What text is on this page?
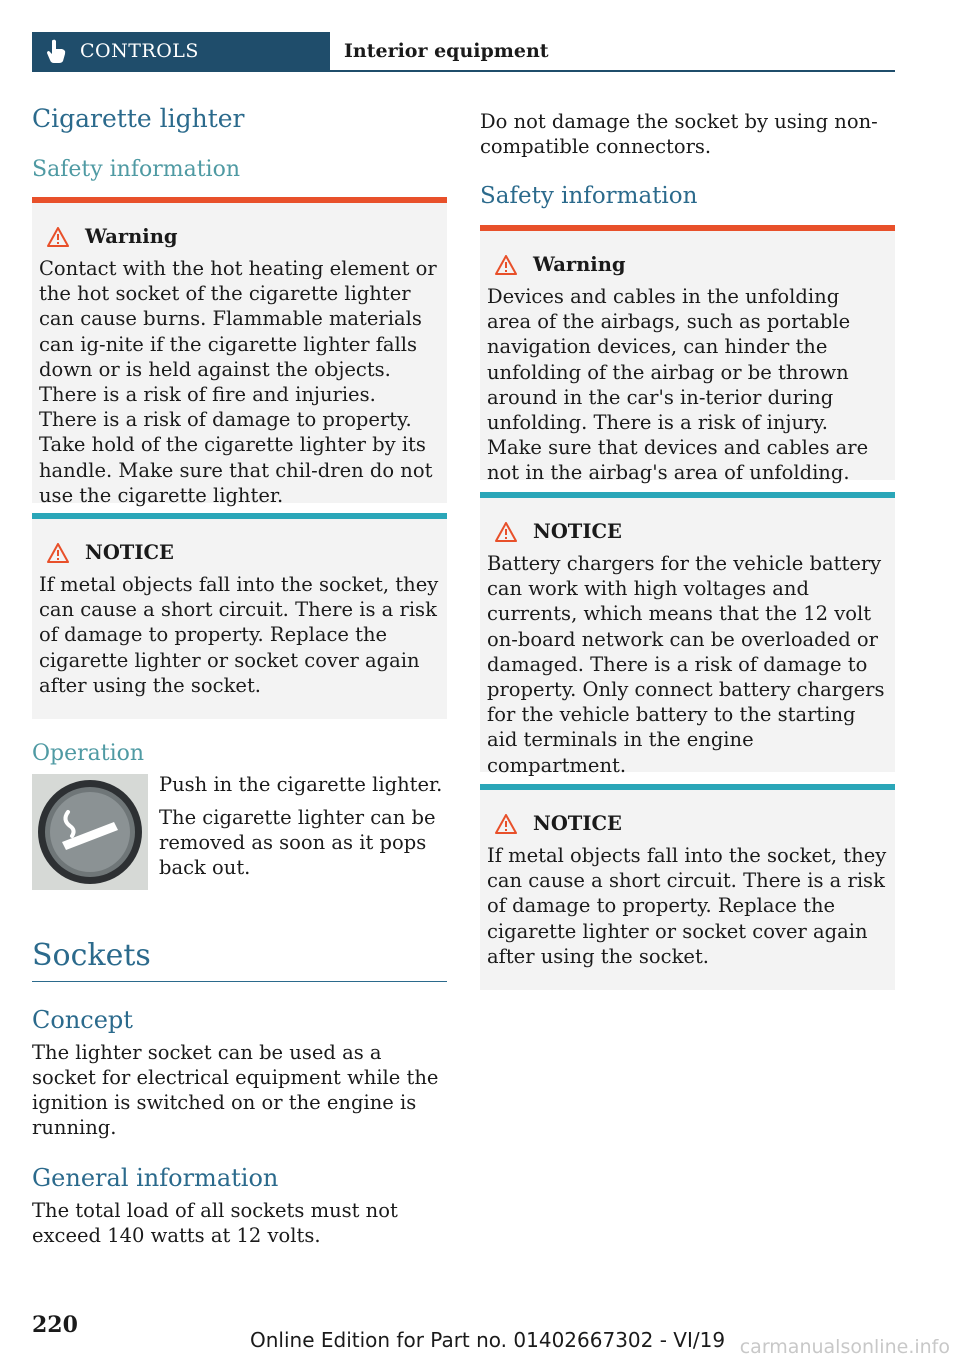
CONTROLS	Interior equipment
Cigarette lighter
Safety information
Warning

Contact with the hot heating element or the hot socket of the cigarette lighter can cause burns. Flammable materials can ig-nite if the cigarette lighter falls down or is held against the objects. There is a risk of fire and injuries. There is a risk of damage to property. Take hold of the cigarette lighter by its handle. Make sure that chil-dren do not use the cigarette lighter.

NOTICE

If metal objects fall into the socket, they can cause a short circuit. There is a risk of damage to property. Replace the cigarette lighter or socket cover again after using the socket.

Operation

Push in the cigarette lighter.

The cigarette lighter can be removed as soon as it pops back out.

Sockets
Concept

The lighter socket can be used as a socket for electrical equipment while the ignition is switched on or the engine is running.

General information

The total load of all sockets must not exceed 140 watts at 12 volts.

Do not damage the socket by using non-compatible connectors.

Safety information
Warning

Devices and cables in the unfolding area of the airbags, such as portable navigation devices, can hinder the unfolding of the airbag or be thrown around in the car's in-terior during unfolding. There is a risk of injury. Make sure that devices and cables are not in the airbag's area of unfolding.

NOTICE

Battery chargers for the vehicle battery can work with high voltages and currents, which means that the 12 volt on-board network can be overloaded or damaged. There is a risk of damage to property. Only connect battery chargers for the vehicle battery to the starting aid terminals in the engine compartment.

NOTICE

If metal objects fall into the socket, they can cause a short circuit. There is a risk of damage to property. Replace the cigarette lighter or socket cover again after using the socket.

220
Online Edition for Part no. 01402667302 - VI/19 carmanualsonline.info
